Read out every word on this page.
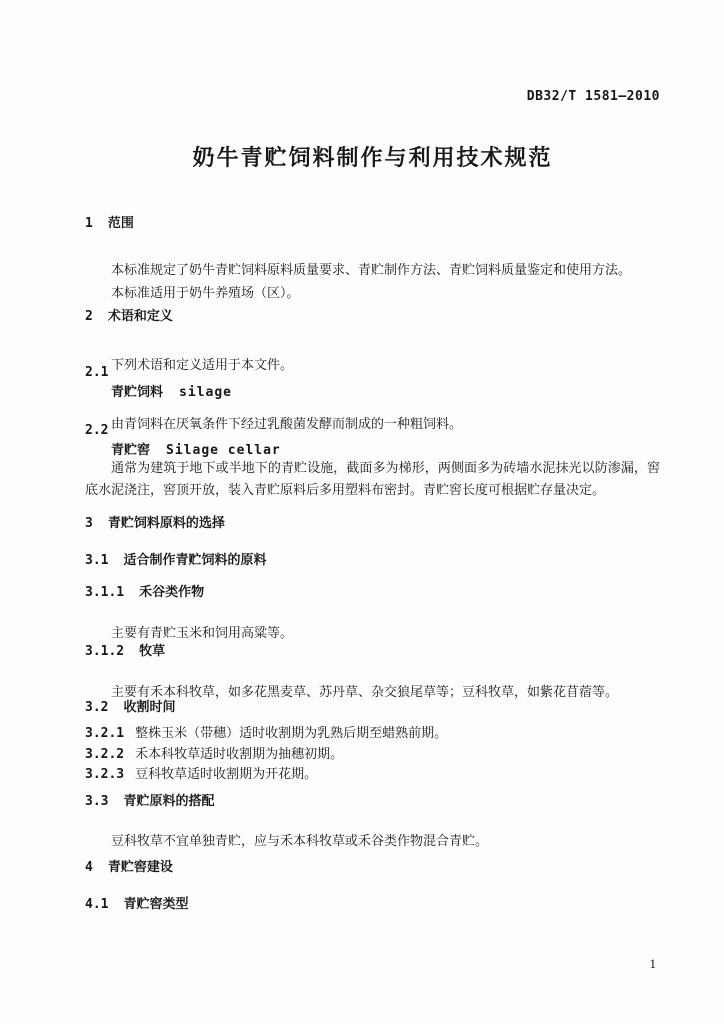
DB32/T 1581—2010
奶牛青贮饲料制作与利用技术规范
1 范围

本标准规定了奶牛青贮饲料原料质量要求、青贮制作方法、青贮饲料质量鉴定和使用方法。

本标准适用于奶牛养殖场（区）。

2 术语和定义

下列术语和定义适用于本文件。

2.1
青贮饲料 silage

由青饲料在厌氧条件下经过乳酸菌发酵而制成的一种粗饲料。

2.2
青贮窖 Silage cellar

通常为建筑于地下或半地下的青贮设施，截面多为梯形，两侧面多为砖墙水泥抹光以防渗漏，窖底水泥浇注，窖顶开放，装入青贮原料后多用塑料布密封。青贮窖长度可根据贮存量决定。

3 青贮饲料原料的选择
3.1 适合制作青贮饲料的原料
3.1.1 禾谷类作物

主要有青贮玉米和饲用高粱等。

3.1.2 牧草

主要有禾本科牧草，如多花黑麦草、苏丹草、杂交狼尾草等；豆科牧草，如紫花苜蓿等。

3.2 收割时间
3.2.1 整株玉米（带穗）适时收割期为乳熟后期至蜡熟前期。
3.2.2 禾本科牧草适时收割期为抽穗初期。
3.2.3 豆科牧草适时收割期为开花期。
3.3 青贮原料的搭配

豆科牧草不宜单独青贮，应与禾本科牧草或禾谷类作物混合青贮。

4 青贮窖建设
4.1 青贮窖类型
1
